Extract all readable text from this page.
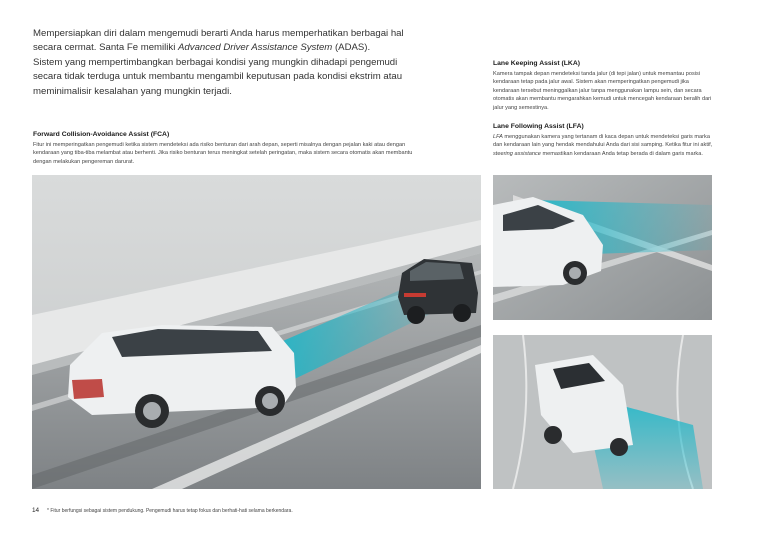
Mempersiapkan diri dalam mengemudi berarti Anda harus memperhatikan berbagai hal

secara cermat. Santa Fe memiliki Advanced Driver Assistance System (ADAS).

Sistem yang mempertimbangkan berbagai kondisi yang mungkin dihadapi pengemudi

secara tidak terduga untuk membantu mengambil keputusan pada kondisi ekstrim atau

meminimalisir kesalahan yang mungkin terjadi.

Forward Collision-Avoidance Assist (FCA)

Fitur ini memperingatkan pengemudi ketika sistem mendeteksi ada risiko benturan dari arah depan, seperti misalnya dengan pejalan kaki atau dengan kendaraan yang tiba-tiba melambat atau berhenti. Jika risiko benturan terus meningkat setelah peringatan, maka sistem secara otomatis akan membantu dengan melakukan pengereman darurat.

Lane Keeping Assist (LKA)

Kamera tampak depan mendeteksi tanda jalur (di tepi jalan) untuk memantau posisi kendaraan tetap pada jalur awal. Sistem akan memperingatkan pengemudi jika kendaraan tersebut meninggalkan jalur tanpa menggunakan lampu sein, dan secara otomatis akan membantu mengarahkan kemudi untuk mencegah kendaraan beralih dari jalur yang semestinya.

Lane Following Assist (LFA)

LFA menggunakan kamera yang tertanam di kaca depan untuk mendeteksi garis marka dan kendaraan lain yang hendak mendahului Anda dari sisi samping. Ketika fitur ini aktif, steering assistance memastikan kendaraan Anda tetap berada di dalam garis marka.

14 * Fitur berfungsi sebagai sistem pendukung. Pengemudi harus tetap fokus dan berhati-hati selama berkendara.
